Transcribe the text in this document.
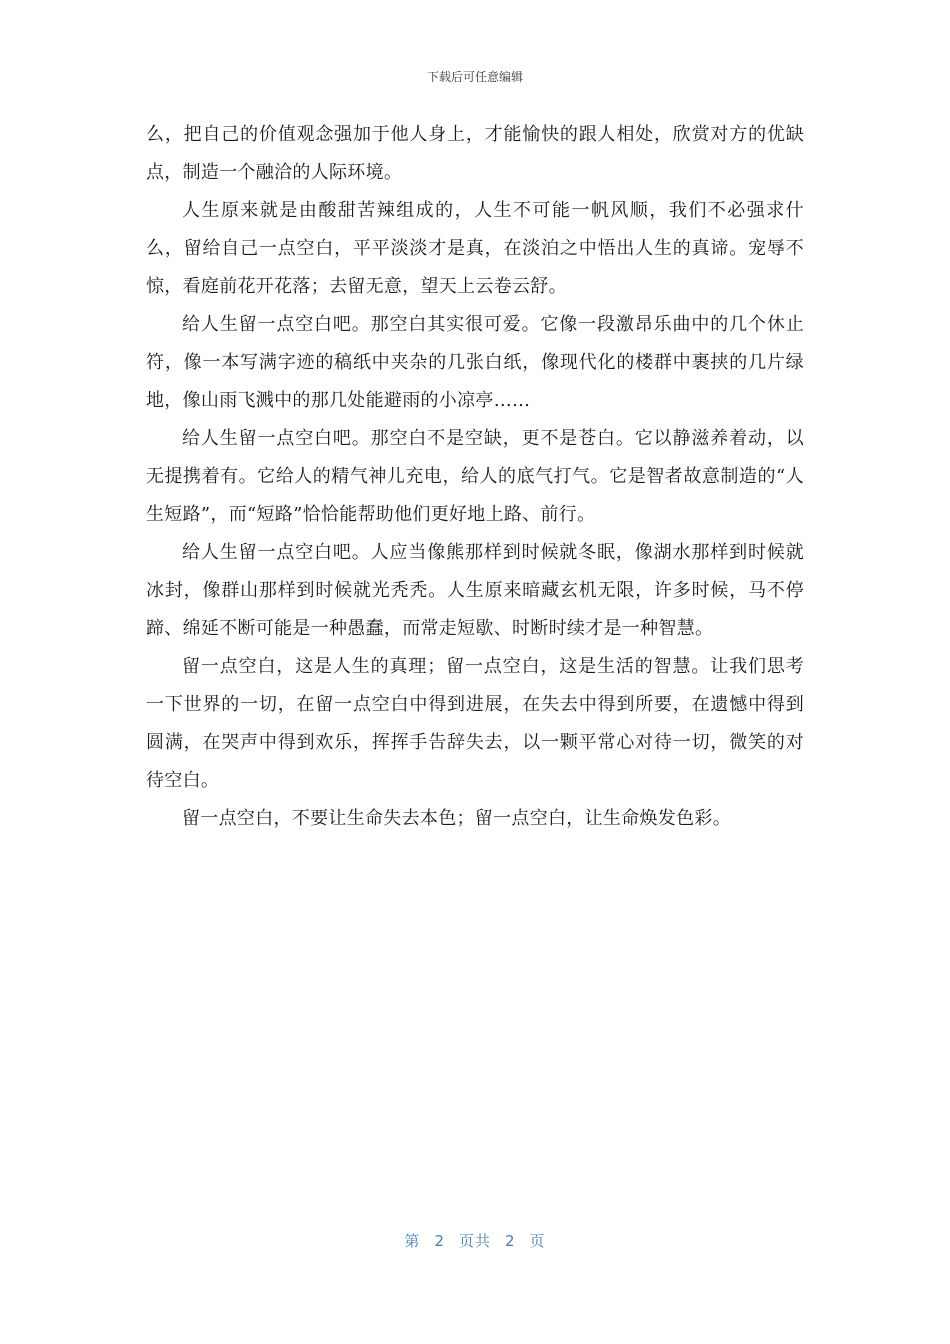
下载后可任意编辑

么，把自己的价值观念强加于他人身上，才能愉快的跟人相处，欣赏对方的优缺点，制造一个融洽的人际环境。

人生原来就是由酸甜苦辣组成的，人生不可能一帆风顺，我们不必强求什么，留给自己一点空白，平平淡淡才是真，在淡泊之中悟出人生的真谛。宠辱不惊，看庭前花开花落；去留无意，望天上云卷云舒。

给人生留一点空白吧。那空白其实很可爱。它像一段激昂乐曲中的几个休止符，像一本写满字迹的稿纸中夹杂的几张白纸，像现代化的楼群中裹挟的几片绿地，像山雨飞溅中的那几处能避雨的小凉亭……

给人生留一点空白吧。那空白不是空缺，更不是苍白。它以静滋养着动，以无提携着有。它给人的精气神儿充电，给人的底气打气。它是智者故意制造的“人生短路”，而“短路”恰恰能帮助他们更好地上路、前行。

给人生留一点空白吧。人应当像熊那样到时候就冬眠，像湖水那样到时候就冰封，像群山那样到时候就光秃秃。人生原来暗藏玄机无限，许多时候，马不停蹄、绵延不断可能是一种愚蠢，而常走短歇、时断时续才是一种智慧。

留一点空白，这是人生的真理；留一点空白，这是生活的智慧。让我们思考一下世界的一切，在留一点空白中得到进展，在失去中得到所要，在遗憾中得到圆满，在哭声中得到欢乐，挥挥手告辞失去，以一颗平常心对待一切，微笑的对待空白。

留一点空白，不要让生命失去本色；留一点空白，让生命焕发色彩。

第 2 页共 2 页
